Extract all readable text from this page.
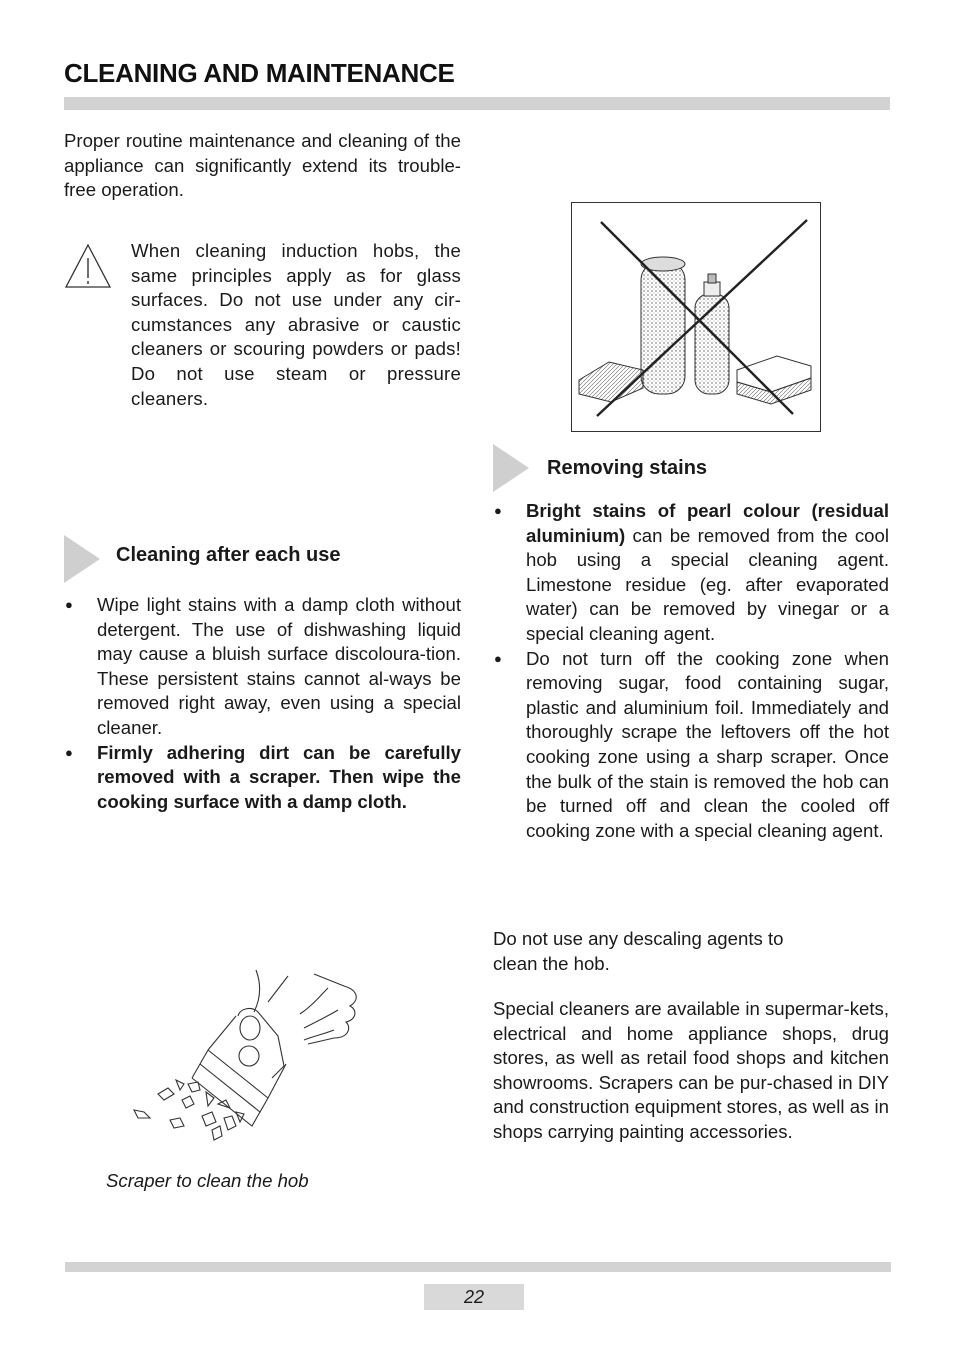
CLEANING AND MAINTENANCE

Proper routine maintenance and cleaning of the appliance can significantly extend its trouble-free operation.

When cleaning induction hobs, the same principles apply as for glass surfaces. Do not use under any cir-cumstances any abrasive or caustic cleaners or scouring powders or pads! Do not use steam or pressure cleaners.

Removing stains
● Bright stains of pearl colour (residual aluminium) can be removed from the cool hob using a special cleaning agent. Limestone residue (eg. after evaporated water) can be removed by vinegar or a special cleaning agent.
● Do not turn off the cooking zone when removing sugar, food containing sugar, plastic and aluminium foil. Immediately and thoroughly scrape the leftovers off the hot cooking zone using a sharp scraper. Once the bulk of the stain is removed the hob can be turned off and clean the cooled off cooking zone with a special cleaning agent.
Cleaning after each use
● Wipe light stains with a damp cloth without detergent. The use of dishwashing liquid may cause a bluish surface discoloura-tion. These persistent stains cannot al-ways be removed right away, even using a special cleaner.
● Firmly adhering dirt can be carefully removed with a scraper. Then wipe the cooking surface with a damp cloth.

Do not use any descaling agents to clean the hob.

Special cleaners are available in supermar-kets, electrical and home appliance shops, drug stores, as well as retail food shops and kitchen showrooms. Scrapers can be pur-chased in DIY and construction equipment stores, as well as in shops carrying painting accessories.

Scraper to clean the hob
22
